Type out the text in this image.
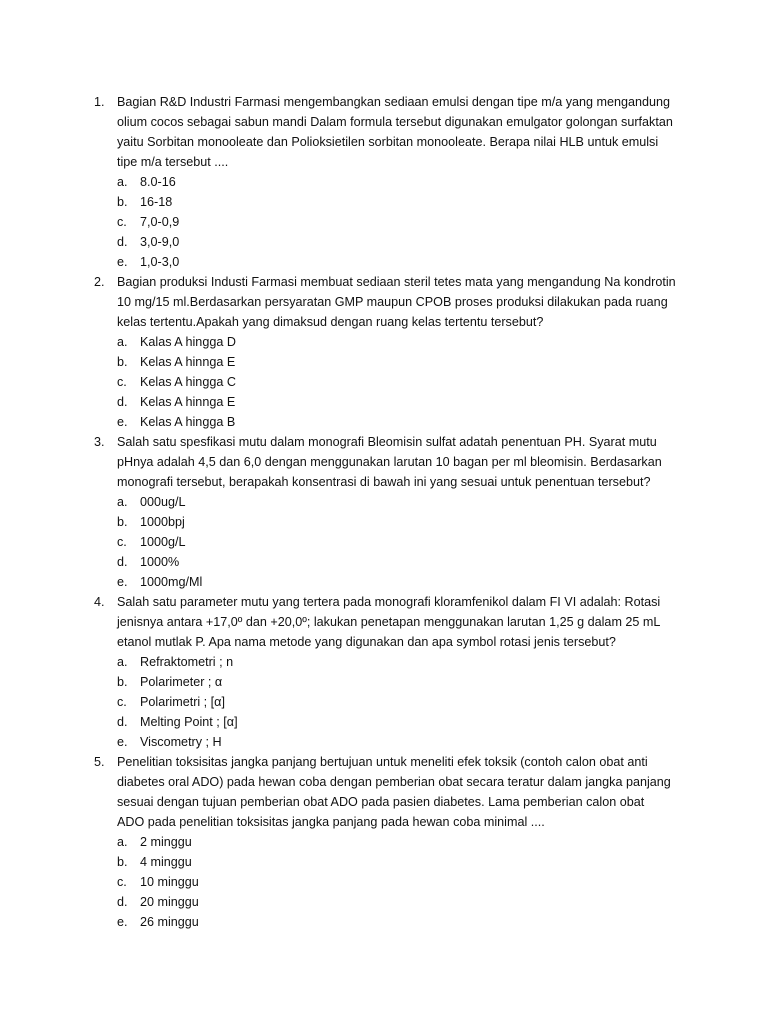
1. Bagian R&D Industri Farmasi mengembangkan sediaan emulsi dengan tipe m/a yang mengandung
olium cocos sebagai sabun mandi Dalam formula tersebut digunakan emulgator golongan surfaktan
yaitu Sorbitan monooleate dan Polioksietilen sorbitan monooleate. Berapa nilai HLB untuk emulsi
tipe m/a tersebut ....
a. 8.0-16
b. 16-18
c. 7,0-0,9
d. 3,0-9,0
e. 1,0-3,0
2. Bagian produksi Industi Farmasi membuat sediaan steril tetes mata yang mengandung Na kondrotin
10 mg/15 ml.Berdasarkan persyaratan GMP maupun CPOB proses produksi dilakukan pada ruang
kelas tertentu.Apakah yang dimaksud dengan ruang kelas tertentu tersebut?
a. Kalas A hingga D
b. Kelas A hinnga E
c. Kelas A hingga C
d. Kelas A hinnga E
e. Kelas A hingga B
3. Salah satu spesfikasi mutu dalam monografi Bleomisin sulfat adatah penentuan PH. Syarat mutu
pHnya adalah 4,5 dan 6,0 dengan menggunakan larutan 10 bagan per ml bleomisin. Berdasarkan
monografi tersebut, berapakah konsentrasi di bawah ini yang sesuai untuk penentuan tersebut?
a. 000ug/L
b. 1000bpj
c. 1000g/L
d. 1000%
e. 1000mg/Ml
4. Salah satu parameter mutu yang tertera pada monografi kloramfenikol dalam FI VI adalah: Rotasi
jenisnya antara +17,0º dan +20,0º; lakukan penetapan menggunakan larutan 1,25 g dalam 25 mL
etanol mutlak P. Apa nama metode yang digunakan dan apa symbol rotasi jenis tersebut?
a. Refraktometri ; n
b. Polarimeter ; α
c. Polarimetri ; [α]
d. Melting Point ; [α]
e. Viscometry ; H
5. Penelitian toksisitas jangka panjang bertujuan untuk meneliti efek toksik (contoh calon obat anti
diabetes oral ADO) pada hewan coba dengan pemberian obat secara teratur dalam jangka panjang
sesuai dengan tujuan pemberian obat ADO pada pasien diabetes. Lama pemberian calon obat
ADO pada penelitian toksisitas jangka panjang pada hewan coba minimal ....
a. 2 minggu
b. 4 minggu
c. 10 minggu
d. 20 minggu
e. 26 minggu
